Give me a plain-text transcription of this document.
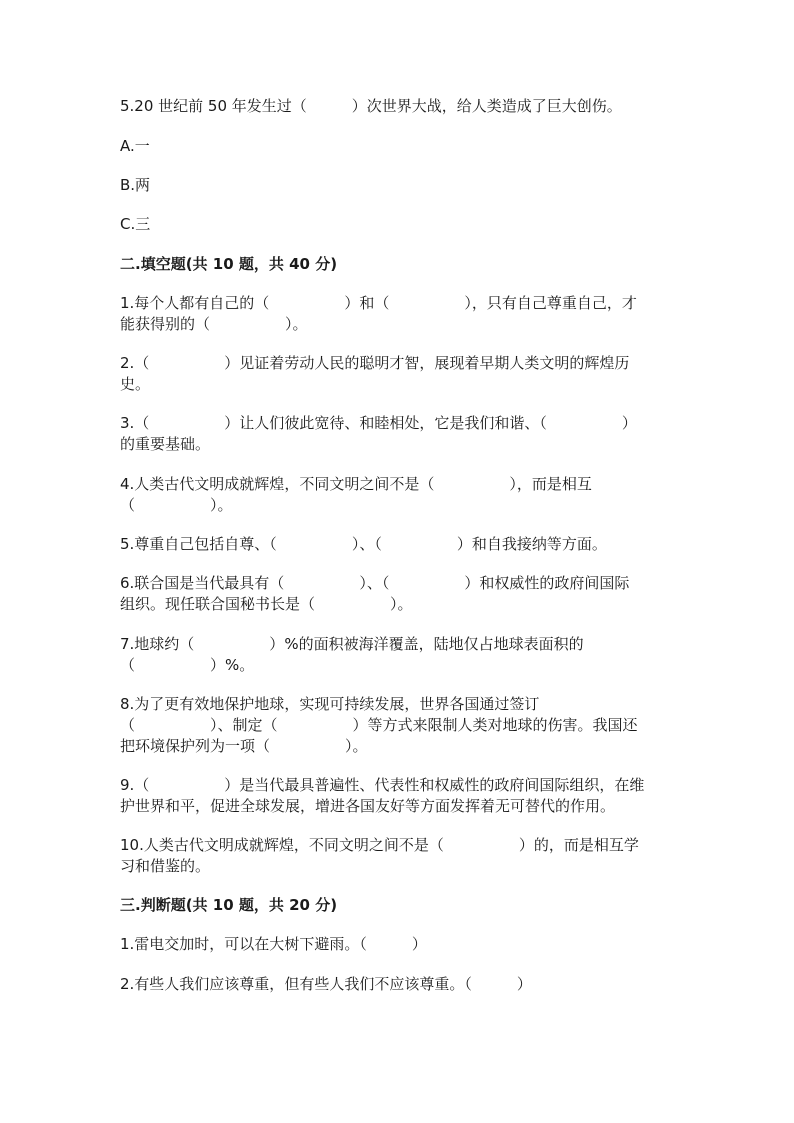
5.20 世纪前 50 年发生过（　　　）次世界大战，给人类造成了巨大创伤。
A.一
B.两
C.三
二.填空题(共 10 题，共 40 分)
1.每个人都有自己的（　　　　　）和（　　　　　），只有自己尊重自己，才
能获得别的（　　　　　）。
2.（　　　　　）见证着劳动人民的聪明才智，展现着早期人类文明的辉煌历
史。
3.（　　　　　）让人们彼此宽待、和睦相处，它是我们和谐、（　　　　　）
的重要基础。
4.人类古代文明成就辉煌，不同文明之间不是（　　　　　），而是相互
（　　　　　）。
5.尊重自己包括自尊、（　　　　　）、（　　　　　）和自我接纳等方面。
6.联合国是当代最具有（　　　　　）、（　　　　　）和权威性的政府间国际
组织。现任联合国秘书长是（　　　　　）。
7.地球约（　　　　　）%的面积被海洋覆盖，陆地仅占地球表面积的
（　　　　　）%。
8.为了更有效地保护地球，实现可持续发展，世界各国通过签订
（　　　　　）、制定（　　　　　）等方式来限制人类对地球的伤害。我国还
把环境保护列为一项（　　　　　）。
9.（　　　　　）是当代最具普遍性、代表性和权威性的政府间国际组织，在维
护世界和平，促进全球发展，增进各国友好等方面发挥着无可替代的作用。
10.人类古代文明成就辉煌，不同文明之间不是（　　　　　）的，而是相互学
习和借鉴的。
三.判断题(共 10 题，共 20 分)
1.雷电交加时，可以在大树下避雨。（　　　）
2.有些人我们应该尊重，但有些人我们不应该尊重。（　　　）
